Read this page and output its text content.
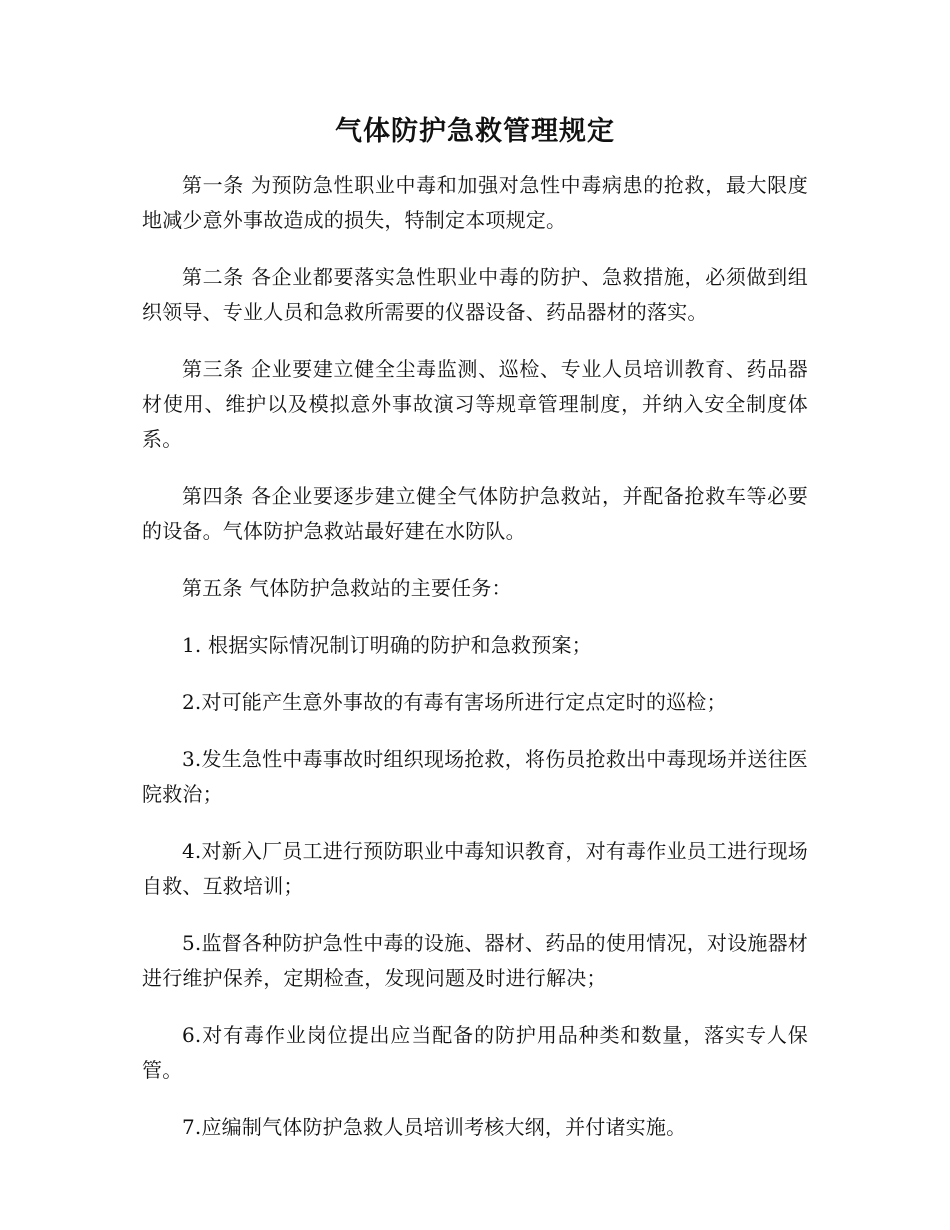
气体防护急救管理规定

第一条 为预防急性职业中毒和加强对急性中毒病患的抢救，最大限度地减少意外事故造成的损失，特制定本项规定。

第二条 各企业都要落实急性职业中毒的防护、急救措施，必须做到组织领导、专业人员和急救所需要的仪器设备、药品器材的落实。

第三条 企业要建立健全尘毒监测、巡检、专业人员培训教育、药品器材使用、维护以及模拟意外事故演习等规章管理制度，并纳入安全制度体系。

第四条 各企业要逐步建立健全气体防护急救站，并配备抢救车等必要的设备。气体防护急救站最好建在水防队。

第五条 气体防护急救站的主要任务：

1. 根据实际情况制订明确的防护和急救预案；

2.对可能产生意外事故的有毒有害场所进行定点定时的巡检；

3.发生急性中毒事故时组织现场抢救，将伤员抢救出中毒现场并送往医院救治；

4.对新入厂员工进行预防职业中毒知识教育，对有毒作业员工进行现场自救、互救培训；

5.监督各种防护急性中毒的设施、器材、药品的使用情况，对设施器材进行维护保养，定期检查，发现问题及时进行解决；

6.对有毒作业岗位提出应当配备的防护用品种类和数量，落实专人保管。

7.应编制气体防护急救人员培训考核大纲，并付诸实施。
